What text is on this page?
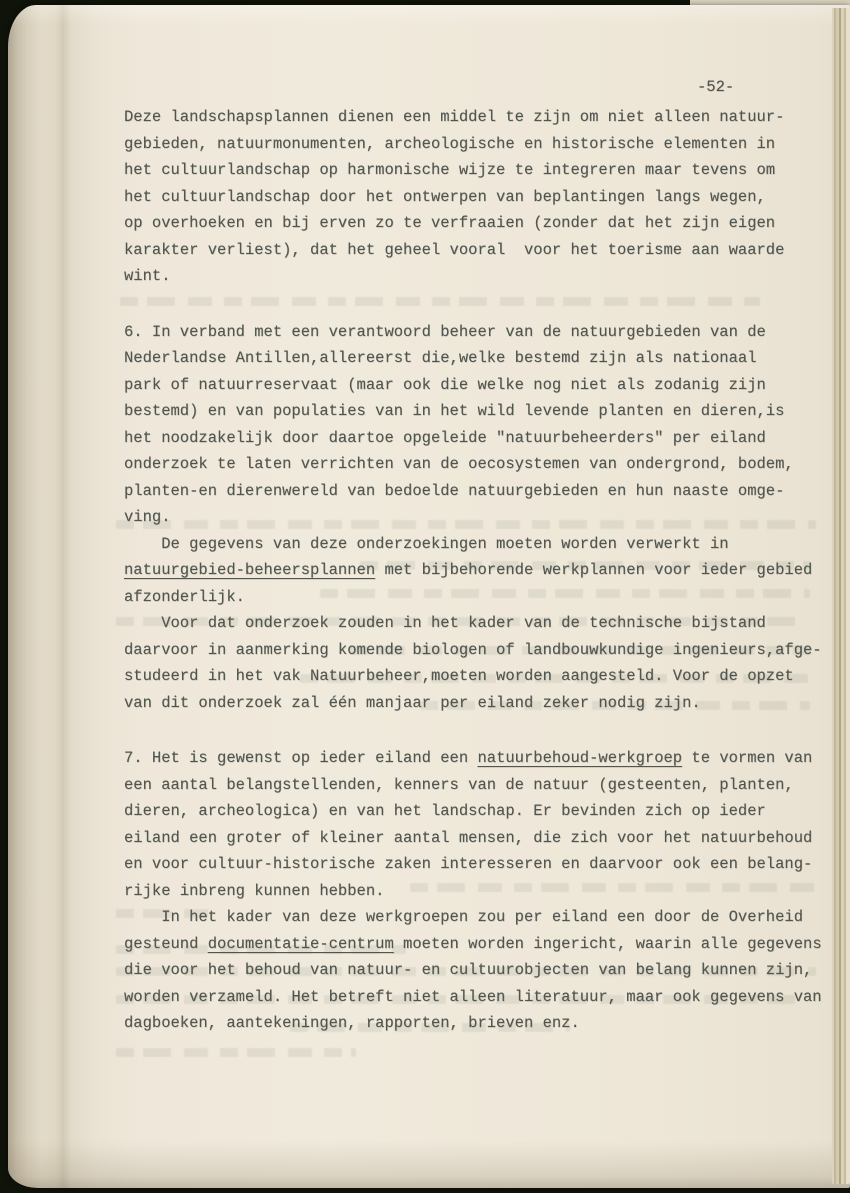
-52-
Deze landschapsplannen dienen een middel te zijn om niet alleen natuur-
gebieden, natuurmonumenten, archeologische en historische elementen in
het cultuurlandschap op harmonische wijze te integreren maar tevens om
het cultuurlandschap door het ontwerpen van beplantingen langs wegen,
op overhoeken en bij erven zo te verfraaien (zonder dat het zijn eigen
karakter verliest), dat het geheel vooral  voor het toerisme aan waarde
wint.
6. In verband met een verantwoord beheer van de natuurgebieden van de
Nederlandse Antillen,allereerst die,welke bestemd zijn als nationaal
park of natuurreservaat (maar ook die welke nog niet als zodanig zijn
bestemd) en van populaties van in het wild levende planten en dieren,is
het noodzakelijk door daartoe opgeleide "natuurbeheerders" per eiland
onderzoek te laten verrichten van de oecosystemen van ondergrond, bodem,
planten-en dierenwereld van bedoelde natuurgebieden en hun naaste omge-
ving.
De gegevens van deze onderzoekingen moeten worden verwerkt in
natuurgebied-beheersplannen met bijbehorende werkplannen voor ieder gebied
afzonderlijk.
Voor dat onderzoek zouden in het kader van de technische bijstand
daarvoor in aanmerking komende biologen of landbouwkundige ingenieurs,afge-
studeerd in het vak Natuurbeheer,moeten worden aangesteld. Voor de opzet
van dit onderzoek zal één manjaar per eiland zeker nodig zijn.
7. Het is gewenst op ieder eiland een natuurbehoud-werkgroep te vormen van
een aantal belangstellenden, kenners van de natuur (gesteenten, planten,
dieren, archeologica) en van het landschap. Er bevinden zich op ieder
eiland een groter of kleiner aantal mensen, die zich voor het natuurbehoud
en voor cultuur-historische zaken interesseren en daarvoor ook een belang-
rijke inbreng kunnen hebben.
In het kader van deze werkgroepen zou per eiland een door de Overheid
gesteund documentatie-centrum moeten worden ingericht, waarin alle gegevens
die voor het behoud van natuur- en cultuurobjecten van belang kunnen zijn,
worden verzameld. Het betreft niet alleen literatuur, maar ook gegevens van
dagboeken, aantekeningen, rapporten, brieven enz.
